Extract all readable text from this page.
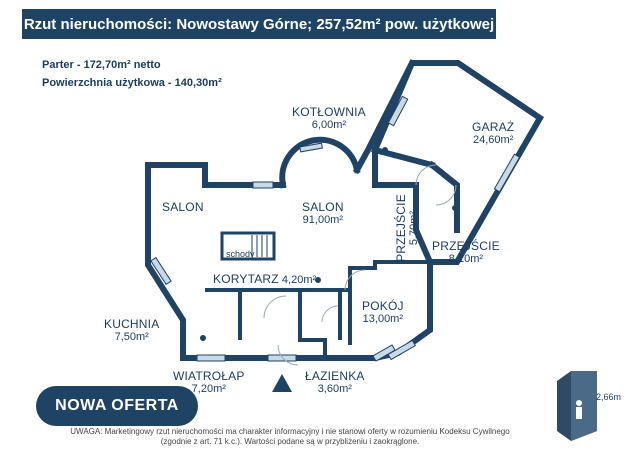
Rzut nieruchomości: Nowostawy Górne; 257,52m² pow. użytkowej
Parter - 172,70m² netto
Powierzchnia użytkowa - 140,30m²
KOTŁOWNIA
6,00m²	GARAŻ
24,60m²
SALON	SALON
91,00m²	PRZEJŚCIE 5,70m²
PRZEJŚCIE
8,10m²
schody
KORYTARZ 4,20m²
POKÓJ
13,00m²
KUCHNIA
7,50m²
WIATROŁAP
7,20m²
ŁAZIENKA
3,60m²
NOWA OFERTA
UWAGA: Marketingowy rzut nieruchomości ma charakter informacyjny i nie stanowi oferty w rozumieniu Kodeksu Cywilnego
(zgodnie z art. 71 k.c.). Wartości podane są w przybliżeniu i zaokrąglone.
2,66m
